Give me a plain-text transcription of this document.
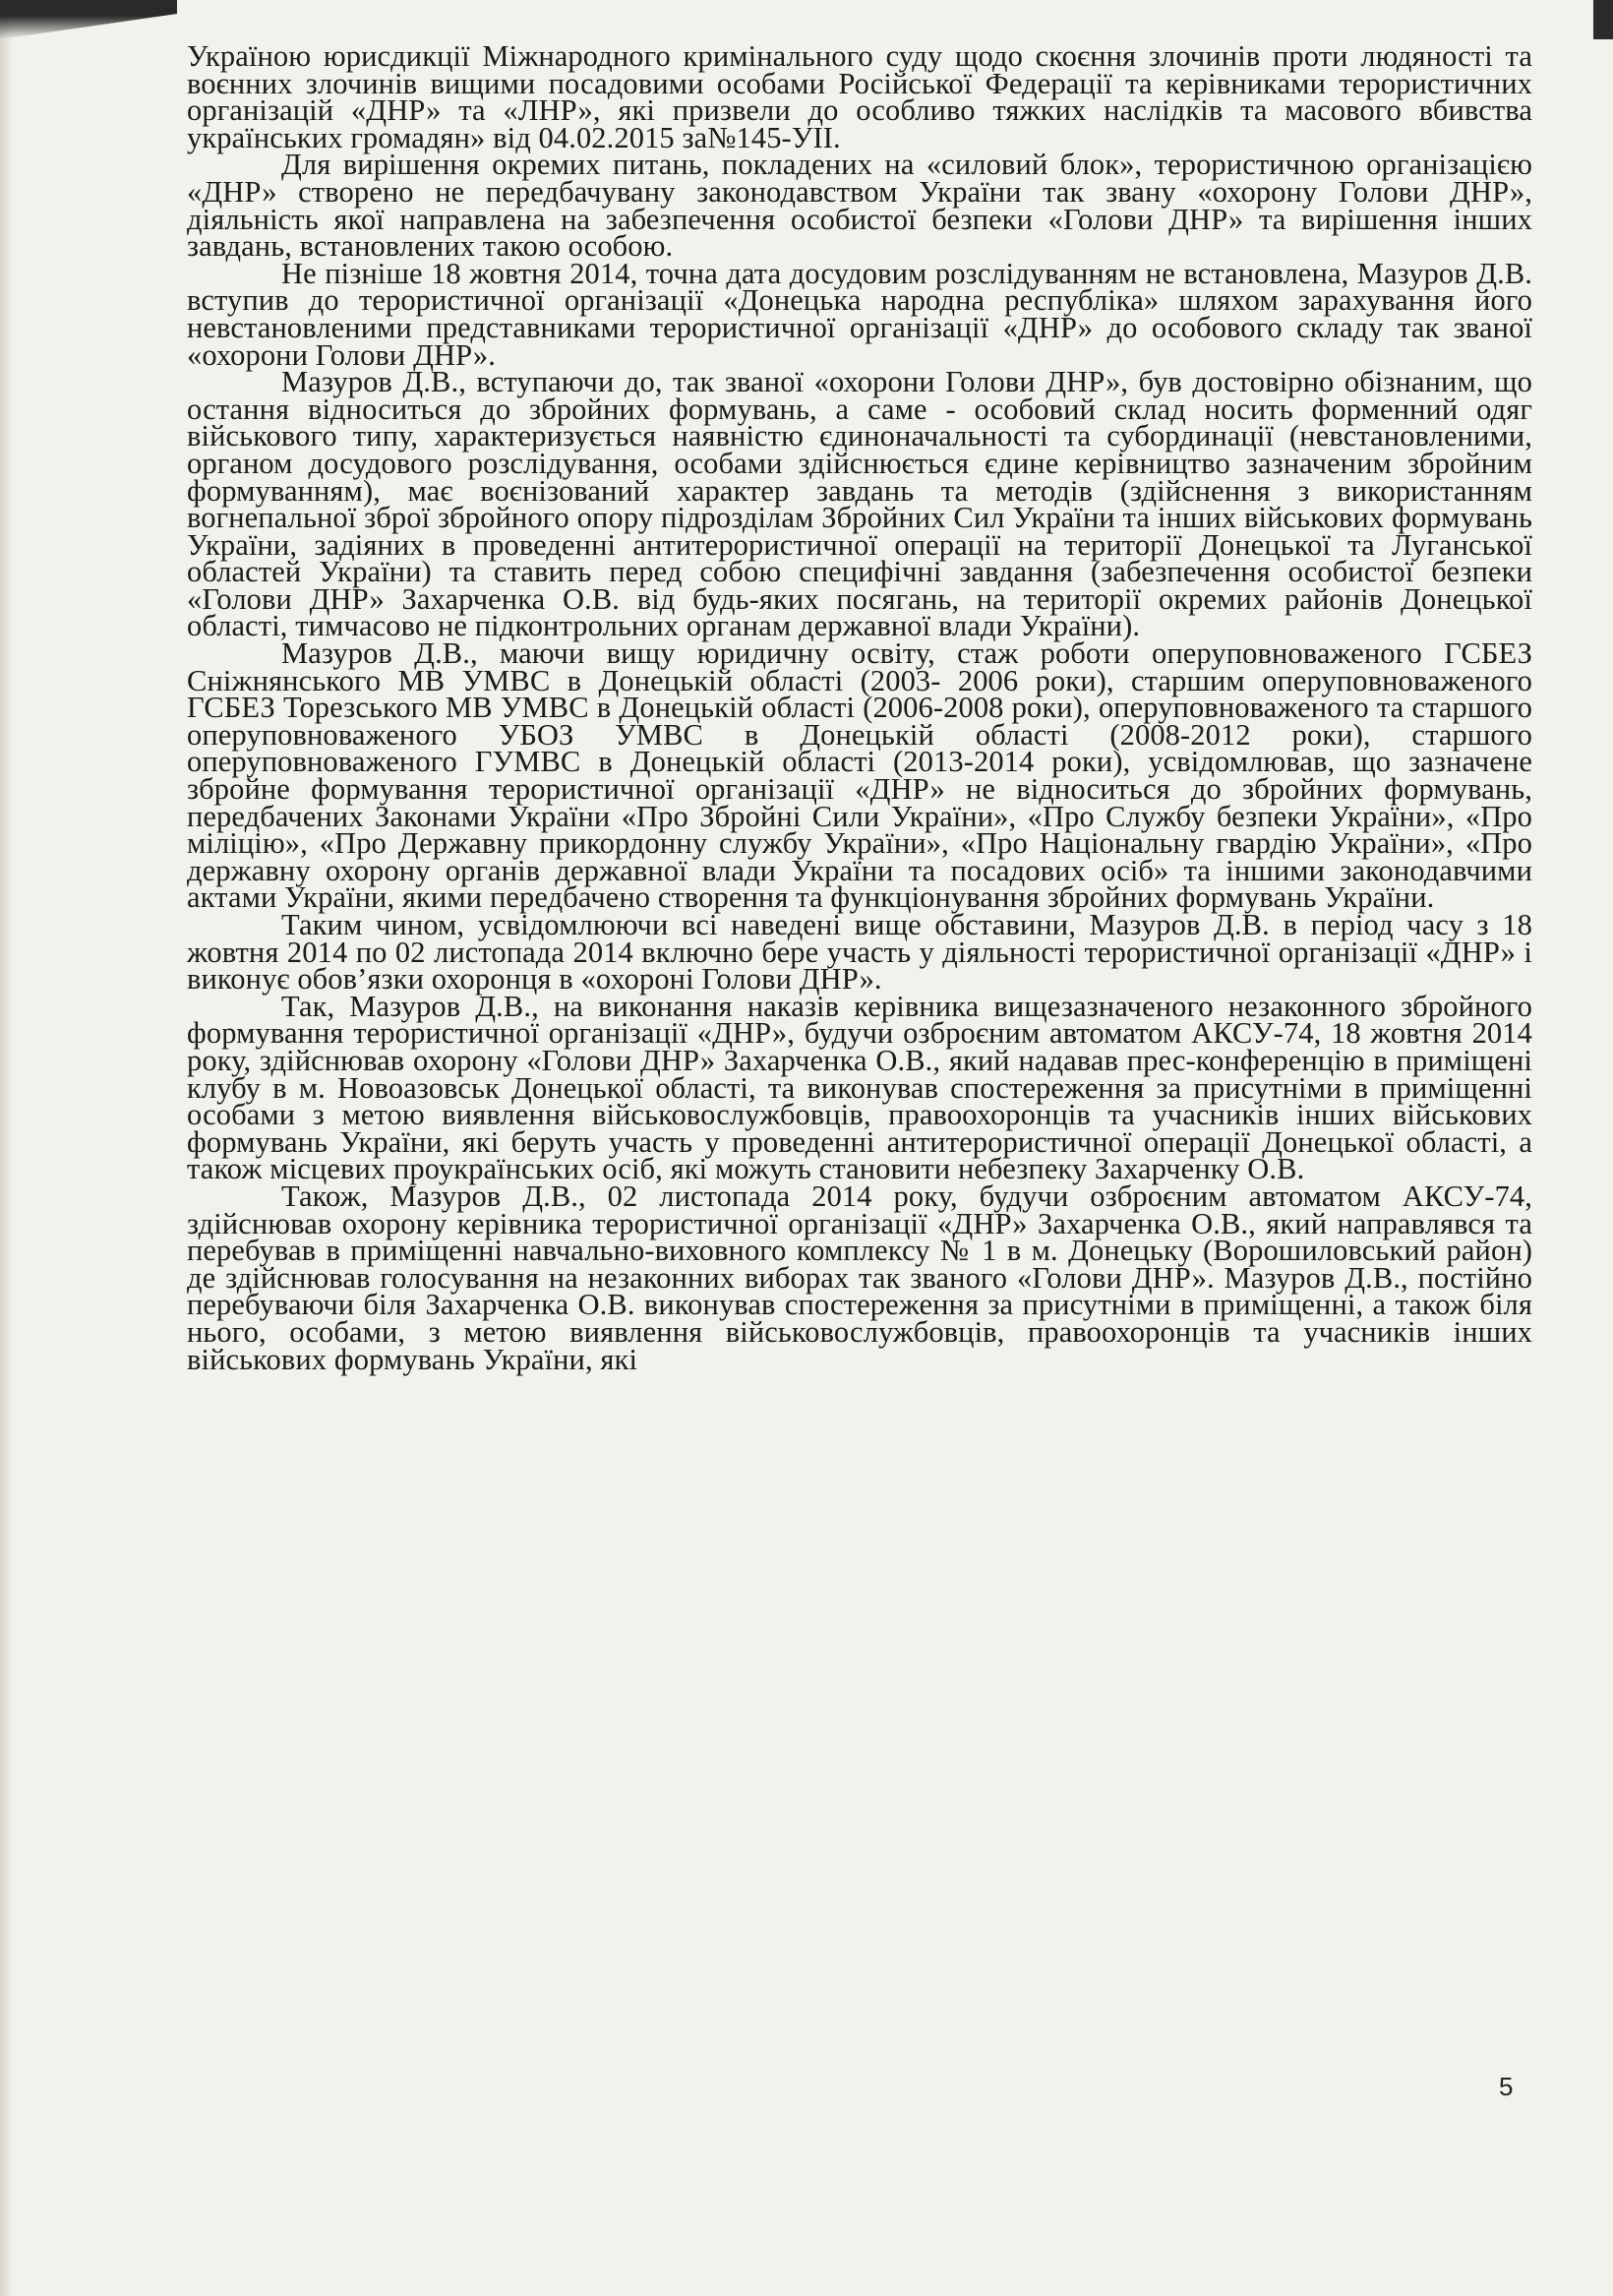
Україною юрисдикції Міжнародного кримінального суду щодо скоєння злочинів проти людяності та воєнних злочинів вищими посадовими особами Російської Федерації та керівниками терористичних організацій «ДНР» та «ЛНР», які призвели до особливо тяжких наслідків та масового вбивства українських громадян» від 04.02.2015 за№145-УІІ.

Для вирішення окремих питань, покладених на «силовий блок», терористичною організацією «ДНР» створено не передбачувану законодавством України так звану «охорону Голови ДНР», діяльність якої направлена на забезпечення особистої безпеки «Голови ДНР» та вирішення інших завдань, встановлених такою особою.

Не пізніше 18 жовтня 2014, точна дата досудовим розслідуванням не встановлена, Мазуров Д.В. вступив до терористичної організації «Донецька народна республіка» шляхом зарахування його невстановленими представниками терористичної організації «ДНР» до особового складу так званої «охорони Голови ДНР».

Мазуров Д.В., вступаючи до, так званої «охорони Голови ДНР», був достовірно обізнаним, що остання відноситься до збройних формувань, а саме - особовий склад носить форменний одяг військового типу, характеризується наявністю єдиноначальності та субординації (невстановленими, органом досудового розслідування, особами здійснюється єдине керівництво зазначеним збройним формуванням), має воєнізований характер завдань та методів (здійснення з використанням вогнепальної зброї збройного опору підрозділам Збройних Сил України та інших військових формувань України, задіяних в проведенні антитерористичної операції на території Донецької та Луганської областей України) та ставить перед собою специфічні завдання (забезпечення особистої безпеки «Голови ДНР» Захарченка О.В. від будь-яких посягань, на території окремих районів Донецької області, тимчасово не підконтрольних органам державної влади України).

Мазуров Д.В., маючи вищу юридичну освіту, стаж роботи оперуповноваженого ГСБЕЗ Сніжнянського МВ УМВС в Донецькій області (2003- 2006 роки), старшим оперуповноваженого ГСБЕЗ Торезського МВ УМВС в Донецькій області (2006-2008 роки), оперуповноваженого та старшого оперуповноваженого УБОЗ УМВС в Донецькій області (2008-2012 роки), старшого оперуповноваженого ГУМВС в Донецькій області (2013-2014 роки), усвідомлював, що зазначене збройне формування терористичної організації «ДНР» не відноситься до збройних формувань, передбачених Законами України «Про Збройні Сили України», «Про Службу безпеки України», «Про міліцію», «Про Державну прикордонну службу України», «Про Національну гвардію України», «Про державну охорону органів державної влади України та посадових осіб» та іншими законодавчими актами України, якими передбачено створення та функціонування збройних формувань України.

Таким чином, усвідомлюючи всі наведені вище обставини, Мазуров Д.В. в період часу з 18 жовтня 2014 по 02 листопада 2014 включно бере участь у діяльності терористичної організації «ДНР» і виконує обов’язки охоронця в «охороні Голови ДНР».

Так, Мазуров Д.В., на виконання наказів керівника вищезазначеного незаконного збройного формування терористичної організації «ДНР», будучи озброєним автоматом АКСУ-74, 18 жовтня 2014 року, здійснював охорону «Голови ДНР» Захарченка О.В., який надавав прес-конференцію в приміщені клубу в м. Новоазовськ Донецької області, та виконував спостереження за присутніми в приміщенні особами з метою виявлення військовослужбовців, правоохоронців та учасників інших військових формувань України, які беруть участь у проведенні антитерористичної операції Донецької області, а також місцевих проукраїнських осіб, які можуть становити небезпеку Захарченку О.В.

Також, Мазуров Д.В., 02 листопада 2014 року, будучи озброєним автоматом АКСУ-74, здійснював охорону керівника терористичної організації «ДНР» Захарченка О.В., який направлявся та перебував в приміщенні навчально-виховного комплексу № 1 в м. Донецьку (Ворошиловський район) де здійснював голосування на незаконних виборах так званого «Голови ДНР». Мазуров Д.В., постійно перебуваючи біля Захарченка О.В. виконував спостереження за присутніми в приміщенні, а також біля нього, особами, з метою виявлення військовослужбовців, правоохоронців та учасників інших військових формувань України, які

5
